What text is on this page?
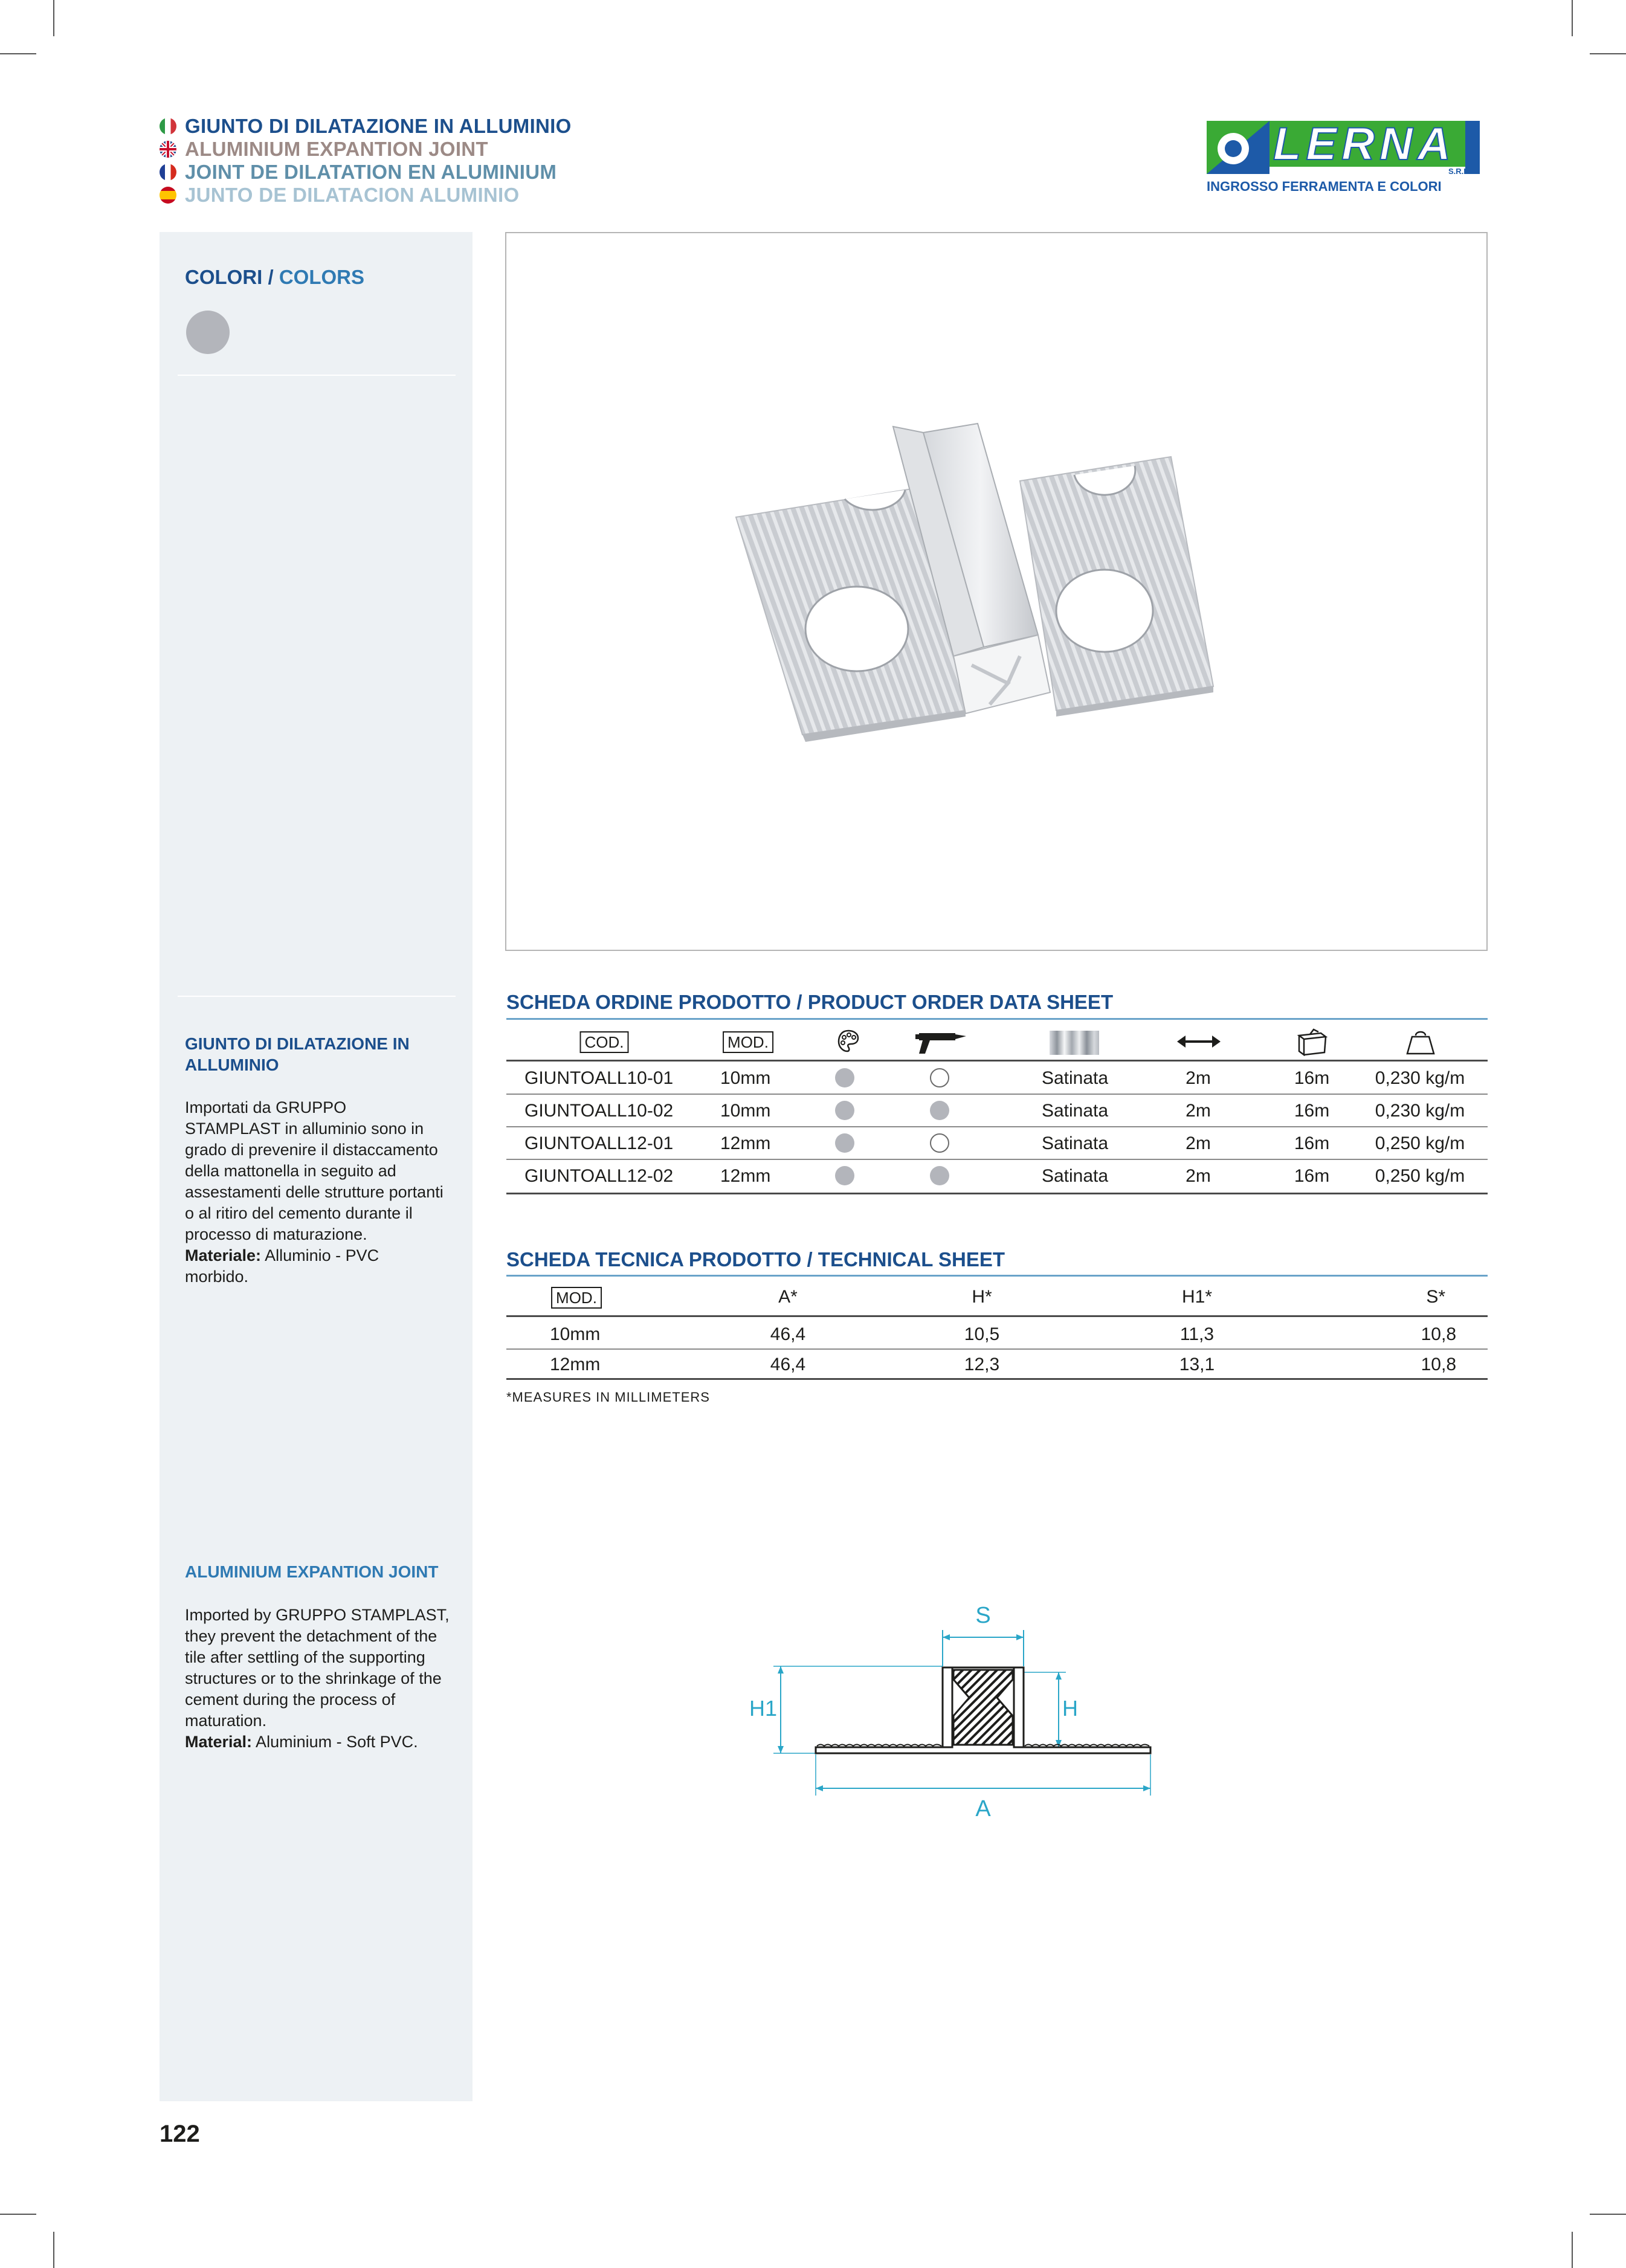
GIUNTO DI DILATAZIONE IN ALLUMINIO
ALUMINIUM EXPANTION JOINT
JOINT DE DILATATION EN ALUMINIUM
JUNTO DE DILATACION ALUMINIO
LERNA
S.R.L.
INGROSSO FERRAMENTA E COLORI
COLORI / COLORS
GIUNTO DI DILATAZIONE IN ALLUMINIO
Importati da GRUPPO STAMPLAST in alluminio sono in grado di prevenire il distaccamento della mattonella in seguito ad assestamenti delle strutture portanti o al ritiro del cemento durante il processo di maturazione.
Materiale: Alluminio - PVC morbido.
ALUMINIUM EXPANTION JOINT
Imported by GRUPPO STAMPLAST, they prevent the detachment of the tile after settling of the supporting structures or to the shrinkage of the cement during the process of maturation.
Material: Aluminium - Soft PVC.
SCHEDA ORDINE PRODOTTO / PRODUCT ORDER DATA SHEET
COD.	MOD.
GIUNTOALL10-01	10mm	Satinata	2m	16m	0,230 kg/m
GIUNTOALL10-02	10mm	Satinata	2m	16m	0,230 kg/m
GIUNTOALL12-01	12mm	Satinata	2m	16m	0,250 kg/m
GIUNTOALL12-02	12mm	Satinata	2m	16m	0,250 kg/m
SCHEDA TECNICA PRODOTTO / TECHNICAL SHEET
MOD.	A*	H*	H1*	S*
10mm	46,4	10,5	11,3	10,8
12mm	46,4	12,3	13,1	10,8
*MEASURES IN MILLIMETERS
S
H1	H
A
122
